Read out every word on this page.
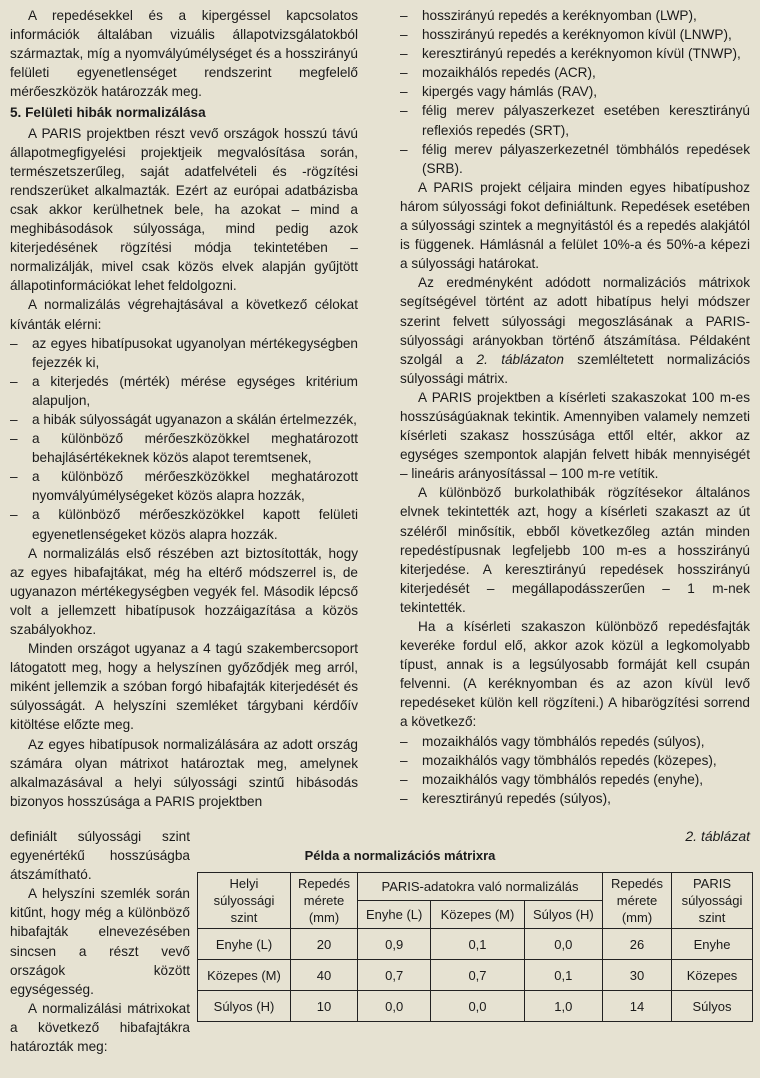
A repedésekkel és a kipergéssel kapcsolatos információk általában vizuális állapotvizsgálatokból származtak, míg a nyomvályúmélységet és a hosszirányú felületi egyenetlenséget rendszerint megfelelő mérőeszközök határozzák meg.

5. Felületi hibák normalizálása

A PARIS projektben részt vevő országok hosszú távú állapotmegfigyelési projektjeik megvalósítása során, természetszerűleg, saját adatfelvételi és -rögzítési rendszerüket alkalmazták. Ezért az európai adatbázisba csak akkor kerülhetnek bele, ha azokat – mind a meghibásodások súlyossága, mind pedig azok kiterjedésének rögzítési módja tekintetében – normalizálják, mivel csak közös elvek alapján gyűjtött állapotinformációkat lehet feldolgozni.

A normalizálás végrehajtásával a következő célokat kívánták elérni:

– az egyes hibatípusokat ugyanolyan mértékegységben fejezzék ki,
– a kiterjedés (mérték) mérése egységes kritérium alapuljon,
– a hibák súlyosságát ugyanazon a skálán értelmezzék,
– a különböző mérőeszközökkel meghatározott behajlásértékeknek közös alapot teremtsenek,
– a különböző mérőeszközökkel meghatározott nyomvályúmélységeket közös alapra hozzák,
– a különböző mérőeszközökkel kapott felületi egyenetlenségeket közös alapra hozzák.

A normalizálás első részében azt biztosították, hogy az egyes hibafajtákat, még ha eltérő módszerrel is, de ugyanazon mértékegységben vegyék fel. Második lépcső volt a jellemzett hibatípusok hozzáigazítása a közös szabályokhoz.

Minden országot ugyanaz a 4 tagú szakembercsoport látogatott meg, hogy a helyszínen győződjék meg arról, miként jellemzik a szóban forgó hibafajták kiterjedését és súlyosságát. A helyszíni szemléket tárgybani kérdőív kitöltése előzte meg.

Az egyes hibatípusok normalizálására az adott ország számára olyan mátrixot határoztak meg, amelynek alkalmazásával a helyi súlyossági szintű hibásodás bizonyos hosszúsága a PARIS projektben

definiált súlyossági szint egyenértékű hosszúságba átszámítható.

A helyszíni szemlék során kitűnt, hogy még a különböző hibafajták elnevezésében sincsen a részt vevő országok között egységesség.

A normalizálási mátrixokat a következő hibafajtákra határozták meg:

– hosszirányú repedés a keréknyomban (LWP),
– hosszirányú repedés a keréknyomon kívül (LNWP),
– keresztirányú repedés a keréknyomon kívül (TNWP),
– mozaikhálós repedés (ACR),
– kipergés vagy hámlás (RAV),
– félig merev pályaszerkezet esetében keresztirányú reflexiós repedés (SRT),
– félig merev pályaszerkezetnél tömbhálós repedések (SRB).

A PARIS projekt céljaira minden egyes hibatípushoz három súlyossági fokot definiáltunk. Repedések esetében a súlyossági szintek a megnyitástól és a repedés alakjától is függenek. Hámlásnál a felület 10%-a és 50%-a képezi a súlyossági határokat.

Az eredményként adódott normalizációs mátrixok segítségével történt az adott hibatípus helyi módszer szerint felvett súlyossági megoszlásának a PARIS-súlyossági arányokban történő átszámítása. Példaként szolgál a 2. táblázaton szemléltetett normalizációs súlyossági mátrix.

A PARIS projektben a kísérleti szakaszokat 100 m-es hosszúságúaknak tekintik. Amennyiben valamely nemzeti kísérleti szakasz hosszúsága ettől eltér, akkor az egységes szempontok alapján felvett hibák mennyiségét – lineáris arányosítással – 100 m-re vetítik.

A különböző burkolathibák rögzítésekor általános elvnek tekintették azt, hogy a kísérleti szakaszt az út széléről minősítik, ebből következőleg aztán minden repedéstípusnak legfeljebb 100 m-es a hosszirányú kiterjedése. A keresztirányú repedések hosszirányú kiterjedését – megállapodásszerűen – 1 m-nek tekintették.

Ha a kísérleti szakaszon különböző repedésfajták keveréke fordul elő, akkor azok közül a legkomolyabb típust, annak is a legsúlyosabb formáját kell csupán felvenni. (A keréknyomban és az azon kívül levő repedéseket külön kell rögzíteni.) A hibarögzítési sorrend a következő:

– mozaikhálós vagy tömbhálós repedés (súlyos),
– mozaikhálós vagy tömbhálós repedés (közepes),
– mozaikhálós vagy tömbhálós repedés (enyhe),
– keresztirányú repedés (súlyos),
2. táblázat
Példa a normalizációs mátrixra
Helyi súlyossági szint	Repedés mérete (mm)	PARIS-adatokra való normalizálás			Repedés mérete (mm)	PARIS súlyossági szint
		Enyhe (L)	Közepes (M)	Súlyos (H)		
Enyhe (L)	20	0,9	0,1	0,0	26	Enyhe
Közepes (M)	40	0,7	0,7	0,1	30	Közepes
Súlyos (H)	10	0,0	0,0	1,0	14	Súlyos
